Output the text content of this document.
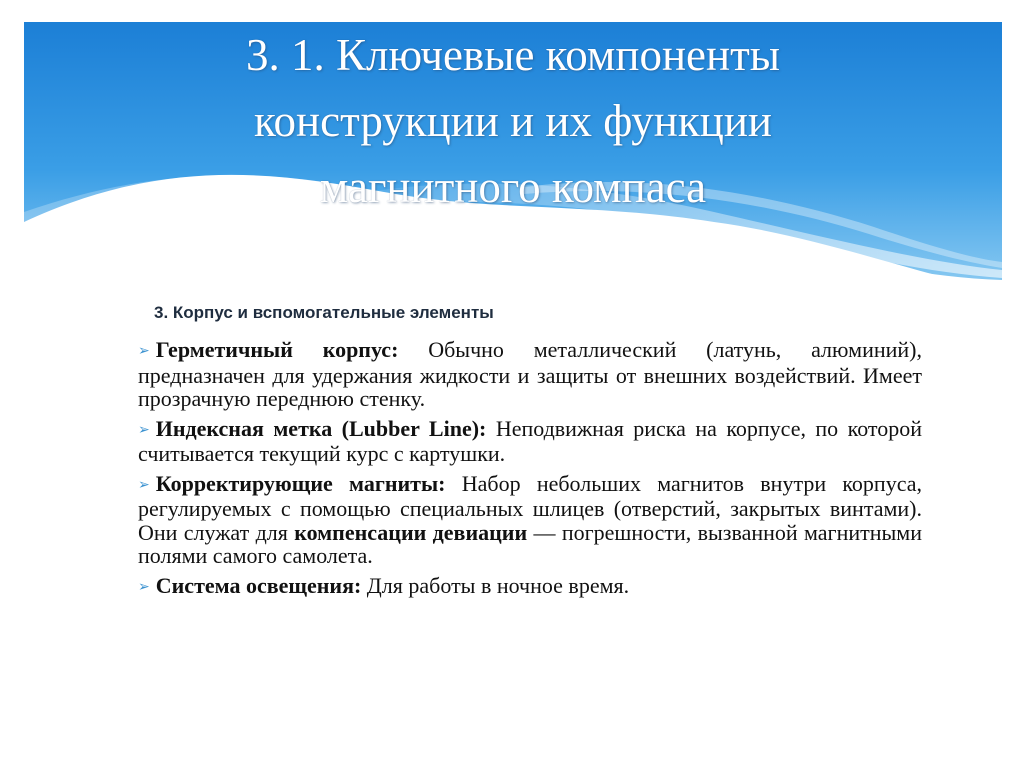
3. 1. Ключевые компоненты
конструкции и их функции
магнитного компаса

3. Корпус и вспомогательные элементы

➢ Герметичный корпус: Обычно металлический (латунь, алюминий), предназначен для удержания жидкости и защиты от внешних воздействий. Имеет прозрачную переднюю стенку.

➢ Индексная метка (Lubber Line): Неподвижная риска на корпусе, по которой считывается текущий курс с картушки.

➢ Корректирующие магниты: Набор небольших магнитов внутри корпуса, регулируемых с помощью специальных шлицев (отверстий, закрытых винтами). Они служат для компенсации девиации — погрешности, вызванной магнитными полями самого самолета.

➢ Система освещения: Для работы в ночное время.
